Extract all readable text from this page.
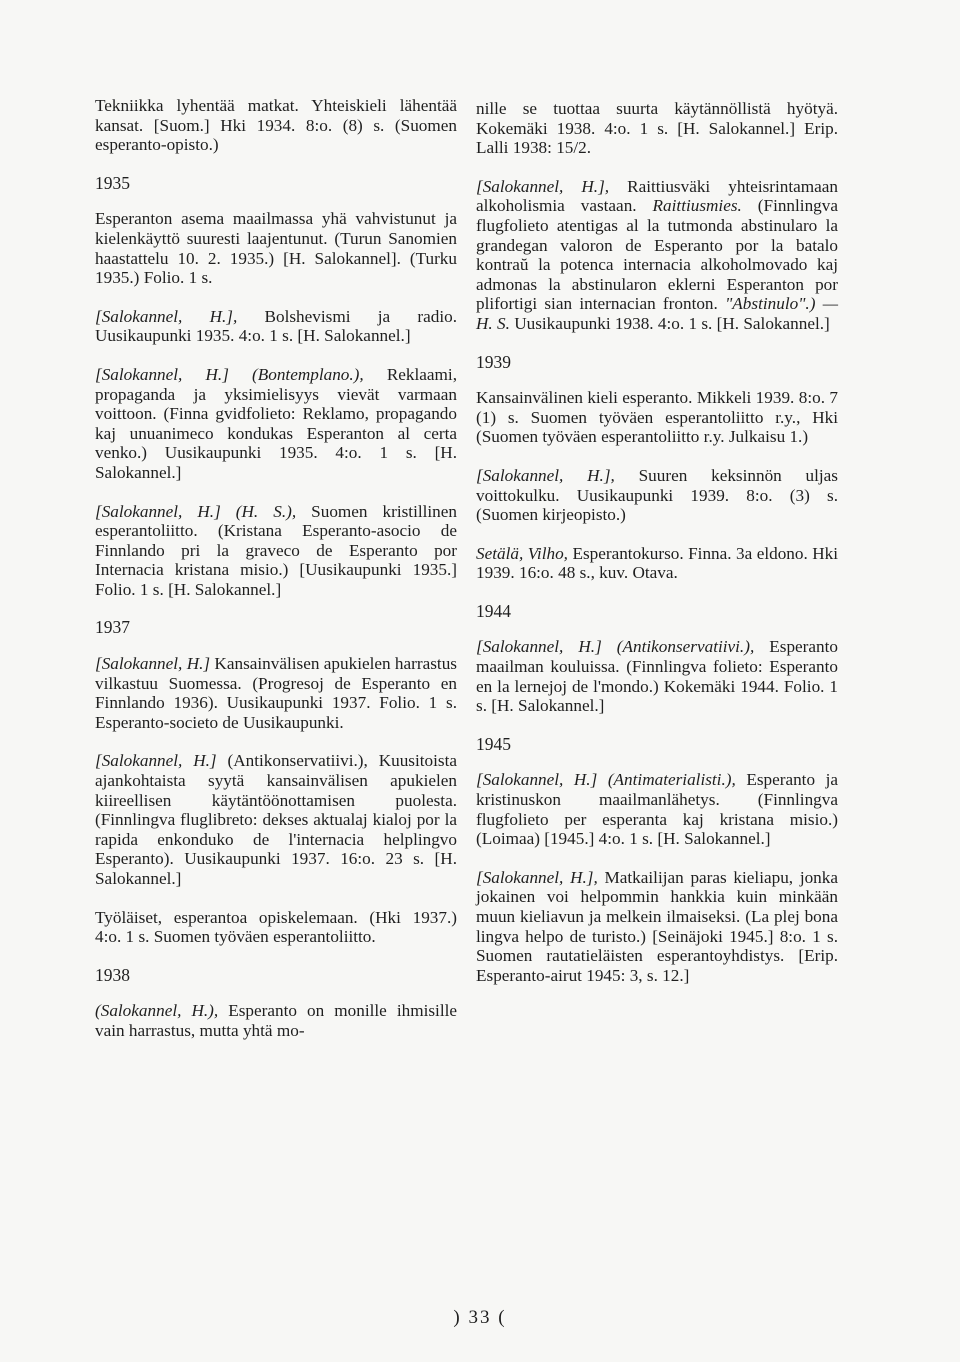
Tekniikka lyhentää matkat. Yhteiskieli lähentää kansat. [Suom.] Hki 1934. 8:o. (8) s. (Suomen esperanto-opisto.)

1935

Esperanton asema maailmassa yhä vahvistunut ja kielenkäyttö suuresti laajentunut. (Turun Sanomien haastattelu 10. 2. 1935.) [H. Salokannel]. (Turku 1935.) Folio. 1 s.

[Salokannel, H.], Bolshevismi ja radio. Uusikaupunki 1935. 4:o. 1 s. [H. Salokannel.]

[Salokannel, H.] (Bontemplano.), Reklaami, propaganda ja yksimielisyys vievät varmaan voittoon. (Finna gvidfolieto: Reklamo, propagando kaj unuanimeco kondukas Esperanton al certa venko.) Uusikaupunki 1935. 4:o. 1 s. [H. Salokannel.]

[Salokannel, H.] (H. S.), Suomen kristillinen esperantoliitto. (Kristana Esperanto-asocio de Finnlando pri la graveco de Esperanto por Internacia kristana misio.) [Uusikaupunki 1935.] Folio. 1 s. [H. Salokannel.]

1937

[Salokannel, H.] Kansainvälisen apukielen harrastus vilkastuu Suomessa. (Progresoj de Esperanto en Finnlando 1936). Uusikaupunki 1937. Folio. 1 s. Esperanto-societo de Uusikaupunki.

[Salokannel, H.] (Antikonservatiivi.), Kuusitoista ajankohtaista syytä kansainvälisen apukielen kiireellisen käytäntöönottamisen puolesta. (Finnlingva fluglibreto: dekses aktualaj kialoj por la rapida enkonduko de l'internacia helplingvo Esperanto). Uusikaupunki 1937. 16:o. 23 s. [H. Salokannel.]

Työläiset, esperantoa opiskelemaan. (Hki 1937.) 4:o. 1 s. Suomen työväen esperantoliitto.

1938

(Salokannel, H.), Esperanto on monille ihmisille vain harrastus, mutta yhtä mo-

nille se tuottaa suurta käytännöllistä hyötyä. Kokemäki 1938. 4:o. 1 s. [H. Salokannel.] Erip. Lalli 1938: 15/2.

[Salokannel, H.], Raittiusväki yhteisrintamaan alkoholismia vastaan. Raittiusmies. (Finnlingva flugfolieto atentigas al la tutmonda abstinularo la grandegan valoron de Esperanto por la batalo kontraŭ la potenca internacia alkoholmovado kaj admonas la abstinularon eklerni Esperanton por plifortigi sian internacian fronton. "Abstinulo".) — H. S. Uusikaupunki 1938. 4:o. 1 s. [H. Salokannel.]

1939

Kansainvälinen kieli esperanto. Mikkeli 1939. 8:o. 7 (1) s. Suomen työväen esperantoliitto r.y., Hki (Suomen työväen esperantoliitto r.y. Julkaisu 1.)

[Salokannel, H.], Suuren keksinnön uljas voittokulku. Uusikaupunki 1939. 8:o. (3) s. (Suomen kirjeopisto.)

Setälä, Vilho, Esperantokurso. Finna. 3a eldono. Hki 1939. 16:o. 48 s., kuv. Otava.

1944

[Salokannel, H.] (Antikonservatiivi.), Esperanto maailman kouluissa. (Finnlingva folieto: Esperanto en la lernejoj de l'mondo.) Kokemäki 1944. Folio. 1 s. [H. Salokannel.]

1945

[Salokannel, H.] (Antimaterialisti.), Esperanto ja kristinuskon maailmanlähetys. (Finnlingva flugfolieto per esperanta kaj kristana misio.) (Loimaa) [1945.] 4:o. 1 s. [H. Salokannel.]

[Salokannel, H.], Matkailijan paras kieliapu, jonka jokainen voi helpommin hankkia kuin minkään muun kieliavun ja melkein ilmaiseksi. (La plej bona lingva helpo de turisto.) [Seinäjoki 1945.] 8:o. 1 s. Suomen rautatieläisten esperantoyhdistys. [Erip. Esperanto-airut 1945: 3, s. 12.]

) 33 (
